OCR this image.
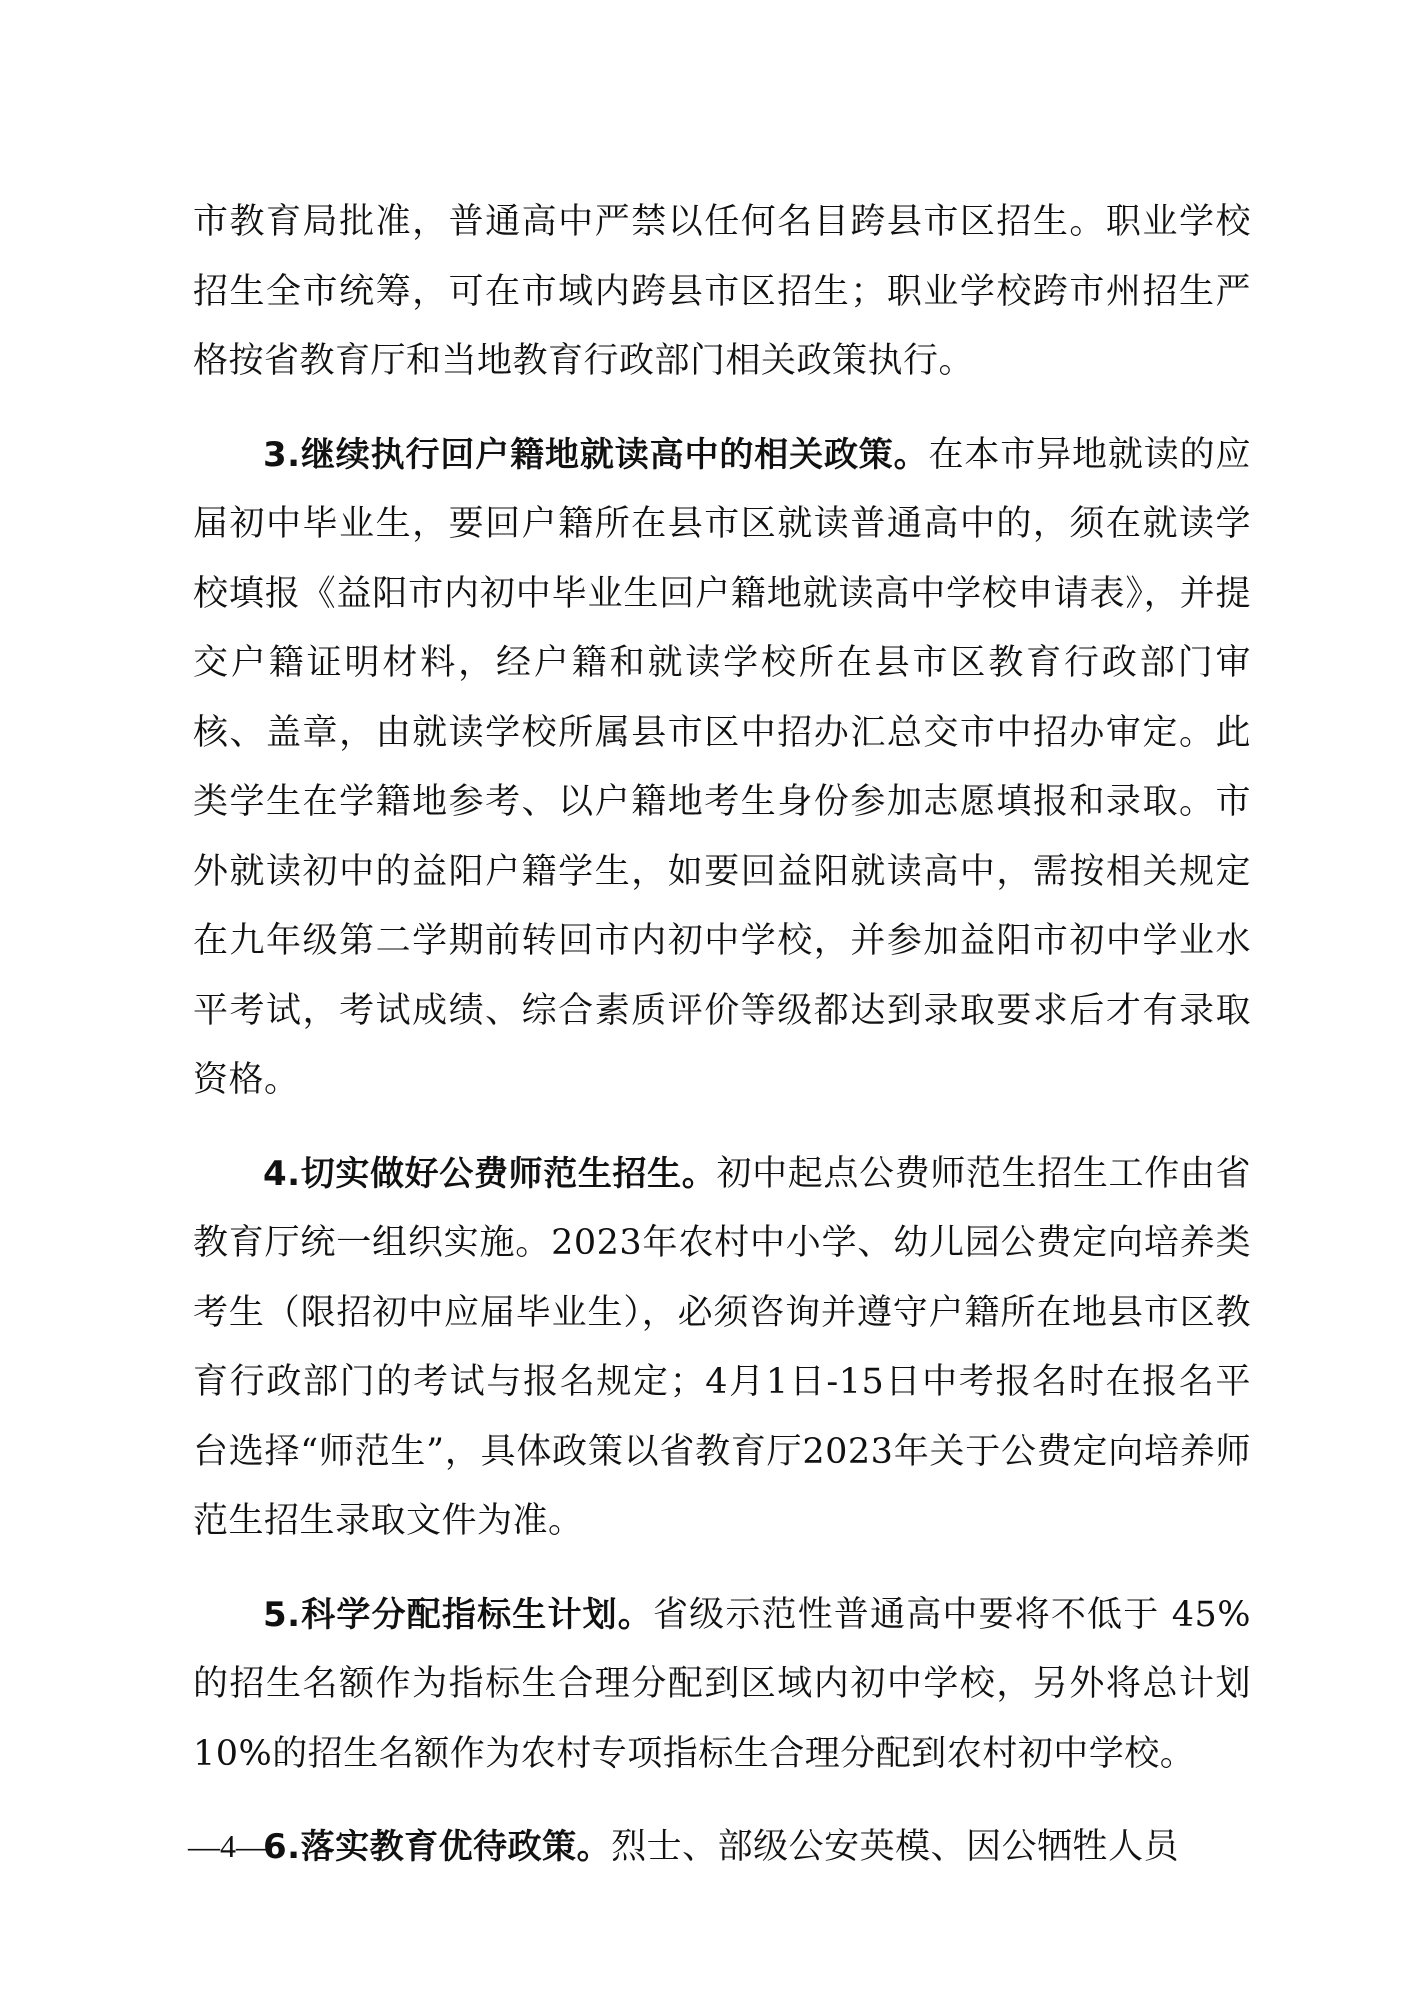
市教育局批准，普通高中严禁以任何名目跨县市区招生。职业学校招生全市统筹，可在市域内跨县市区招生；职业学校跨市州招生严格按省教育厅和当地教育行政部门相关政策执行。

3.继续执行回户籍地就读高中的相关政策。在本市异地就读的应届初中毕业生，要回户籍所在县市区就读普通高中的，须在就读学校填报《益阳市内初中毕业生回户籍地就读高中学校申请表》，并提交户籍证明材料，经户籍和就读学校所在县市区教育行政部门审核、盖章，由就读学校所属县市区中招办汇总交市中招办审定。此类学生在学籍地参考、以户籍地考生身份参加志愿填报和录取。市外就读初中的益阳户籍学生，如要回益阳就读高中，需按相关规定在九年级第二学期前转回市内初中学校，并参加益阳市初中学业水平考试，考试成绩、综合素质评价等级都达到录取要求后才有录取资格。

4.切实做好公费师范生招生。初中起点公费师范生招生工作由省教育厅统一组织实施。2023年农村中小学、幼儿园公费定向培养类考生（限招初中应届毕业生），必须咨询并遵守户籍所在地县市区教育行政部门的考试与报名规定；4月1日-15日中考报名时在报名平台选择“师范生”，具体政策以省教育厅2023年关于公费定向培养师范生招生录取文件为准。

5.科学分配指标生计划。省级示范性普通高中要将不低于 45%的招生名额作为指标生合理分配到区域内初中学校，另外将总计划10%的招生名额作为农村专项指标生合理分配到农村初中学校。

6.落实教育优待政策。烈士、部级公安英模、因公牺牲人员

—4—
